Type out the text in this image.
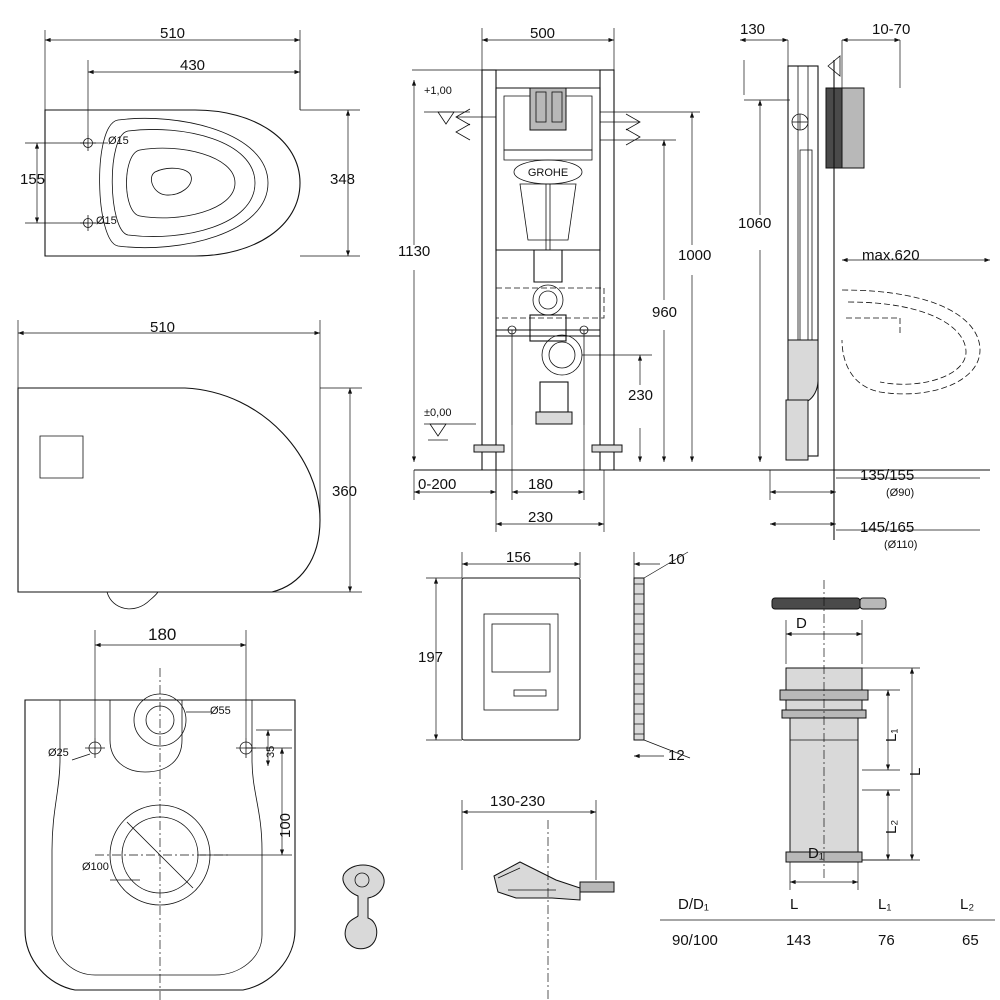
GROHE
510
430
348
155
Ø15
Ø15
510
360
180
100
35
Ø55
Ø25
Ø100
500
1130	1000
960
230
180
230
0-200
+1,00
±0,00
130	10-70
1060
max.620
135/155
(Ø90)
145/165
(Ø110)
156
197
10
12
130-230
D
L₁
L₂
L
D₁
D/D₁	L	L₁	L₂
90/100	143	76	65
